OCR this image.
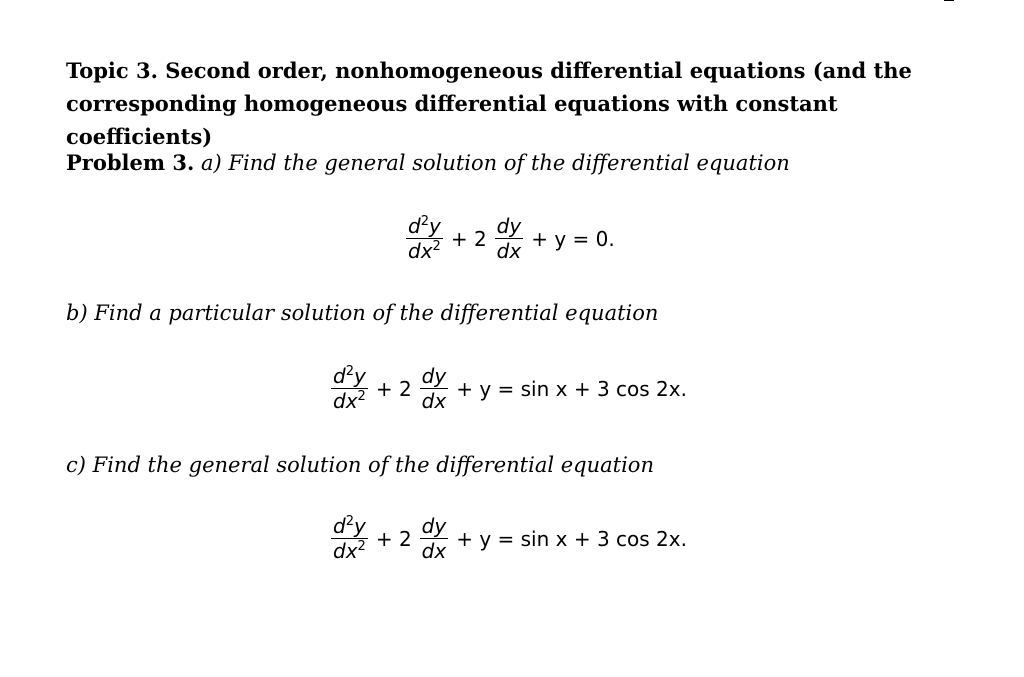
Topic 3. Second order, nonhomogeneous differential equations (and the corresponding homogeneous differential equations with constant coefficients)
Problem 3. a) Find the general solution of the differential equation
$\frac{d^2y}{dx^2} + 2 \frac{dy}{dx} + y = 0$.
b) Find a particular solution of the differential equation
$\frac{d^2y}{dx^2} + 2 \frac{dy}{dx} + y = \sin x + 3$ cos 2x.
c) Find the general solution of the differential equation
$\frac{d^2y}{dx^2} + 2 \frac{dy}{dx} + y = \sin x + 3$ cos 2x.
